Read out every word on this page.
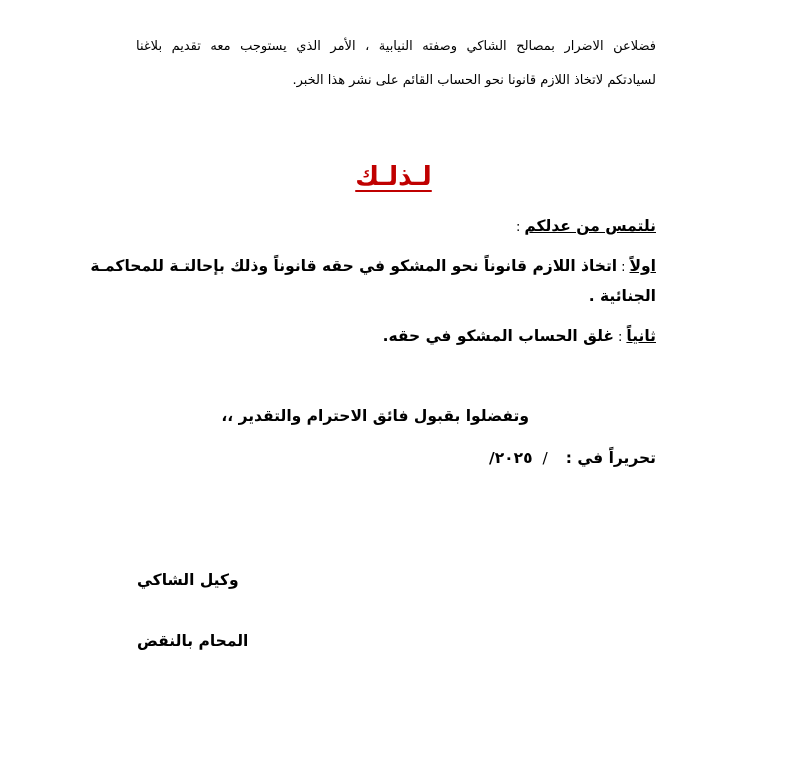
فضلاعن الاضرار بمصالح الشاكي وصفته النيابية ، الأمر الذي يستوجب معه تقديم بلاغنا
لسيادتكم لاتخاذ اللازم قانونا نحو الحساب القائم على نشر هذا الخبر.
لـذلـك
نلتمس من عدلكم:
اولاً:اتخاذ اللازم قانوناً نحو المشكو في حقه قانوناً وذلك بإحالتـة للمحاكمـة
الجنائية .
ثانياً:غلق الحساب المشكو في حقه.
وتفضلوا بقبول فائق الاحترام والتقدير ،،
تحريراً في :/٢٠٢٥/
وكيل الشاكي
المحام بالنقض
